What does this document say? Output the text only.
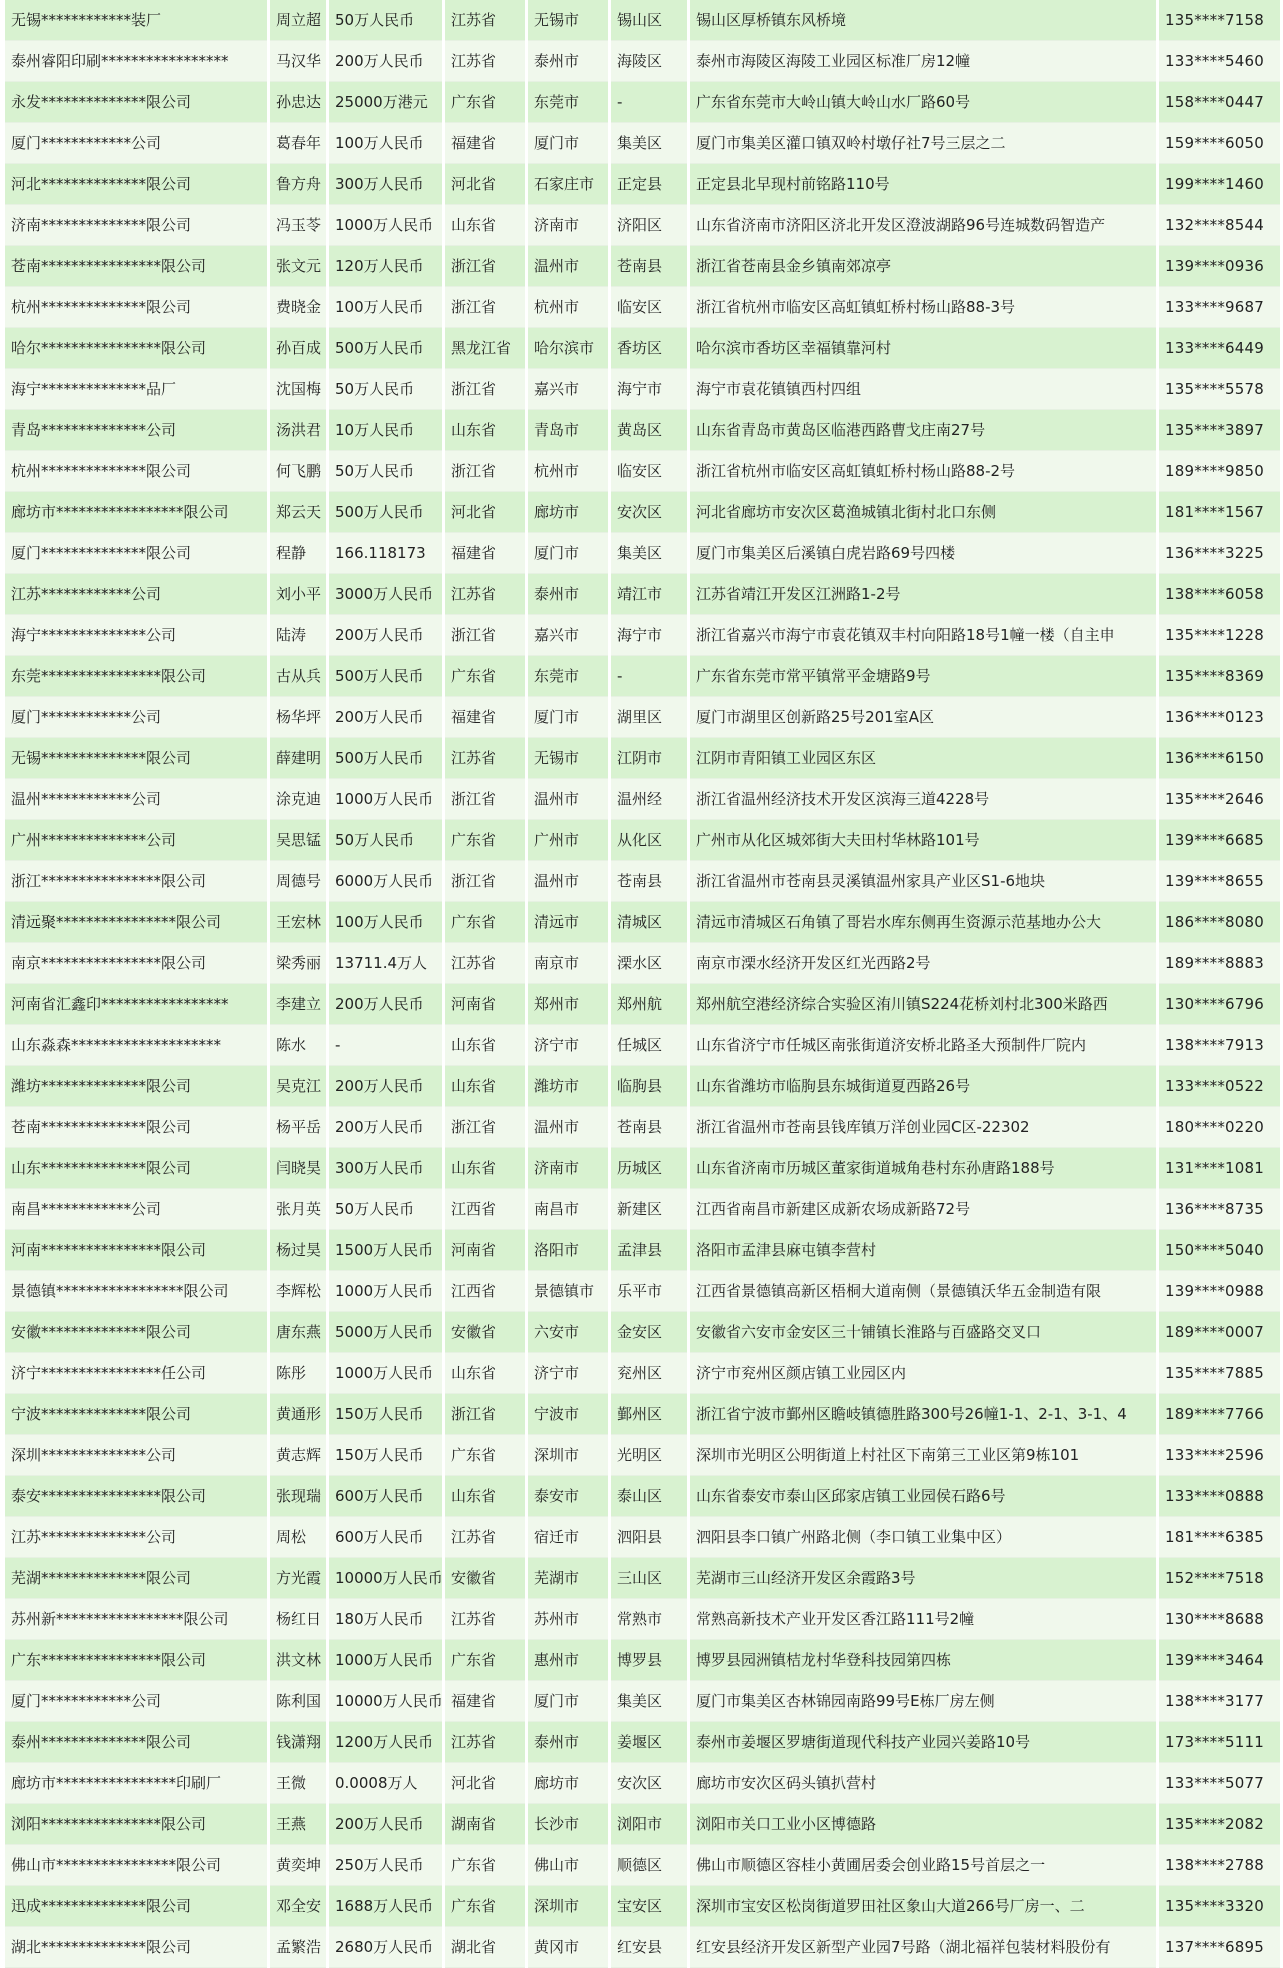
无锡************装厂	周立超	50万人民币	江苏省	无锡市	锡山区	锡山区厚桥镇东风桥境	135****7158
泰州睿阳印刷*****************	马汉华	200万人民币	江苏省	泰州市	海陵区	泰州市海陵区海陵工业园区标准厂房12幢	133****5460
永发**************限公司	孙忠达	25000万港元	广东省	东莞市	-	广东省东莞市大岭山镇大岭山水厂路60号	158****0447
厦门************公司	葛春年	100万人民币	福建省	厦门市	集美区	厦门市集美区灌口镇双岭村墩仔社7号三层之二	159****6050
河北**************限公司	鲁方舟	300万人民币	河北省	石家庄市	正定县	正定县北早现村前铭路110号	199****1460
济南**************限公司	冯玉苓	1000万人民币	山东省	济南市	济阳区	山东省济南市济阳区济北开发区澄波湖路96号连城数码智造产	132****8544
苍南****************限公司	张文元	120万人民币	浙江省	温州市	苍南县	浙江省苍南县金乡镇南郊凉亭	139****0936
杭州**************限公司	费晓金	100万人民币	浙江省	杭州市	临安区	浙江省杭州市临安区高虹镇虹桥村杨山路88-3号	133****9687
哈尔****************限公司	孙百成	500万人民币	黑龙江省	哈尔滨市	香坊区	哈尔滨市香坊区幸福镇靠河村	133****6449
海宁**************品厂	沈国梅	50万人民币	浙江省	嘉兴市	海宁市	海宁市袁花镇镇西村四组	135****5578
青岛**************公司	汤洪君	10万人民币	山东省	青岛市	黄岛区	山东省青岛市黄岛区临港西路曹戈庄南27号	135****3897
杭州**************限公司	何飞鹏	50万人民币	浙江省	杭州市	临安区	浙江省杭州市临安区高虹镇虹桥村杨山路88-2号	189****9850
廊坊市*****************限公司	郑云天	500万人民币	河北省	廊坊市	安次区	河北省廊坊市安次区葛渔城镇北街村北口东侧	181****1567
厦门**************限公司	程静	166.118173	福建省	厦门市	集美区	厦门市集美区后溪镇白虎岩路69号四楼	136****3225
江苏************公司	刘小平	3000万人民币	江苏省	泰州市	靖江市	江苏省靖江开发区江洲路1-2号	138****6058
海宁**************公司	陆涛	200万人民币	浙江省	嘉兴市	海宁市	浙江省嘉兴市海宁市袁花镇双丰村向阳路18号1幢一楼（自主申	135****1228
东莞****************限公司	古从兵	500万人民币	广东省	东莞市	-	广东省东莞市常平镇常平金塘路9号	135****8369
厦门************公司	杨华坪	200万人民币	福建省	厦门市	湖里区	厦门市湖里区创新路25号201室A区	136****0123
无锡**************限公司	薛建明	500万人民币	江苏省	无锡市	江阴市	江阴市青阳镇工业园区东区	136****6150
温州************公司	涂克迪	1000万人民币	浙江省	温州市	温州经	浙江省温州经济技术开发区滨海三道4228号	135****2646
广州**************公司	吴思锰	50万人民币	广东省	广州市	从化区	广州市从化区城郊街大夫田村华林路101号	139****6685
浙江****************限公司	周德号	6000万人民币	浙江省	温州市	苍南县	浙江省温州市苍南县灵溪镇温州家具产业区S1-6地块	139****8655
清远聚****************限公司	王宏林	100万人民币	广东省	清远市	清城区	清远市清城区石角镇了哥岩水库东侧再生资源示范基地办公大	186****8080
南京****************限公司	梁秀丽	13711.4万人	江苏省	南京市	溧水区	南京市溧水经济开发区红光西路2号	189****8883
河南省汇鑫印*****************	李建立	200万人民币	河南省	郑州市	郑州航	郑州航空港经济综合实验区洧川镇S224花桥刘村北300米路西	130****6796
山东淼森********************	陈水	-	山东省	济宁市	任城区	山东省济宁市任城区南张街道济安桥北路圣大预制件厂院内	138****7913
潍坊**************限公司	吴克江	200万人民币	山东省	潍坊市	临朐县	山东省潍坊市临朐县东城街道夏西路26号	133****0522
苍南**************限公司	杨平岳	200万人民币	浙江省	温州市	苍南县	浙江省温州市苍南县钱库镇万洋创业园C区-22302	180****0220
山东**************限公司	闫晓昊	300万人民币	山东省	济南市	历城区	山东省济南市历城区董家街道城角巷村东孙唐路188号	131****1081
南昌************公司	张月英	50万人民币	江西省	南昌市	新建区	江西省南昌市新建区成新农场成新路72号	136****8735
河南****************限公司	杨过昊	1500万人民币	河南省	洛阳市	孟津县	洛阳市孟津县麻屯镇李营村	150****5040
景德镇*****************限公司	李辉松	1000万人民币	江西省	景德镇市	乐平市	江西省景德镇高新区梧桐大道南侧（景德镇沃华五金制造有限	139****0988
安徽**************限公司	唐东燕	5000万人民币	安徽省	六安市	金安区	安徽省六安市金安区三十铺镇长淮路与百盛路交叉口	189****0007
济宁****************任公司	陈彤	1000万人民币	山东省	济宁市	兖州区	济宁市兖州区颜店镇工业园区内	135****7885
宁波**************限公司	黄通形	150万人民币	浙江省	宁波市	鄞州区	浙江省宁波市鄞州区瞻岐镇德胜路300号26幢1-1、2-1、3-1、4	189****7766
深圳**************公司	黄志辉	150万人民币	广东省	深圳市	光明区	深圳市光明区公明街道上村社区下南第三工业区第9栋101	133****2596
泰安****************限公司	张现瑞	600万人民币	山东省	泰安市	泰山区	山东省泰安市泰山区邱家店镇工业园侯石路6号	133****0888
江苏**************公司	周松	600万人民币	江苏省	宿迁市	泗阳县	泗阳县李口镇广州路北侧（李口镇工业集中区）	181****6385
芜湖**************限公司	方光霞	10000万人民币	安徽省	芜湖市	三山区	芜湖市三山经济开发区余霞路3号	152****7518
苏州新*****************限公司	杨红日	180万人民币	江苏省	苏州市	常熟市	常熟高新技术产业开发区香江路111号2幢	130****8688
广东****************限公司	洪文林	1000万人民币	广东省	惠州市	博罗县	博罗县园洲镇桔龙村华登科技园第四栋	139****3464
厦门************公司	陈利国	10000万人民币	福建省	厦门市	集美区	厦门市集美区杏林锦园南路99号E栋厂房左侧	138****3177
泰州**************限公司	钱潇翔	1200万人民币	江苏省	泰州市	姜堰区	泰州市姜堰区罗塘街道现代科技产业园兴姜路10号	173****5111
廊坊市****************印刷厂	王微	0.0008万人	河北省	廊坊市	安次区	廊坊市安次区码头镇扒营村	133****5077
浏阳****************限公司	王燕	200万人民币	湖南省	长沙市	浏阳市	浏阳市关口工业小区博德路	135****2082
佛山市****************限公司	黄奕坤	250万人民币	广东省	佛山市	顺德区	佛山市顺德区容桂小黄圃居委会创业路15号首层之一	138****2788
迅成**************限公司	邓全安	1688万人民币	广东省	深圳市	宝安区	深圳市宝安区松岗街道罗田社区象山大道266号厂房一、二	135****3320
湖北**************限公司	孟繁浩	2680万人民币	湖北省	黄冈市	红安县	红安县经济开发区新型产业园7号路（湖北福祥包装材料股份有	137****6895
